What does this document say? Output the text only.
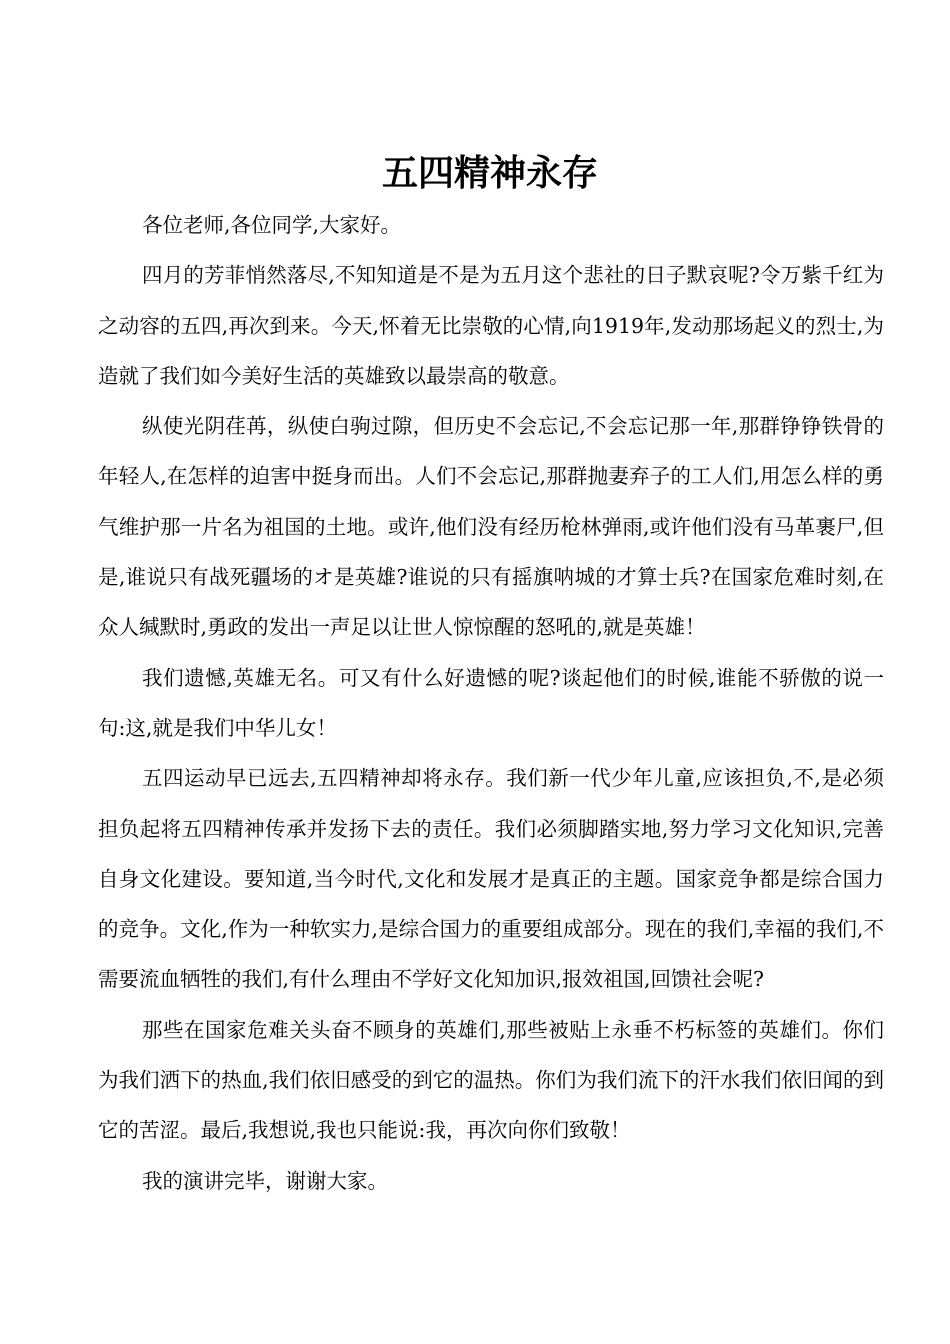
五四精神永存

各位老师,各位同学,大家好。

四月的芳菲悄然落尽,不知知道是不是为五月这个悲社的日子默哀呢?令万紫千红为之动容的五四,再次到来。今天,怀着无比崇敬的心情,向1919年,发动那场起义的烈士,为造就了我们如今美好生活的英雄致以最崇高的敬意。

纵使光阴荏苒，纵使白驹过隙，但历史不会忘记,不会忘记那一年,那群铮铮铁骨的年轻人,在怎样的迫害中挺身而出。人们不会忘记,那群抛妻弃子的工人们,用怎么样的勇气维护那一片名为祖国的土地。或许,他们没有经历枪林弹雨,或许他们没有马革裹尸,但是,谁说只有战死疆场的オ是英雄?谁说的只有摇旗呐城的才算士兵?在国家危难时刻,在众人缄默时,勇政的发出一声足以让世人惊惊醒的怒吼的,就是英雄！

我们遗憾,英雄无名。可又有什么好遗憾的呢?谈起他们的时候,谁能不骄傲的说一句:这,就是我们中华儿女！

五四运动早已远去,五四精神却将永存。我们新一代少年儿童,应该担负,不,是必须担负起将五四精神传承并发扬下去的责任。我们必须脚踏实地,努力学习文化知识,完善自身文化建设。要知道,当今时代,文化和发展才是真正的主题。国家竞争都是综合国力的竞争。文化,作为一种软实力,是综合国力的重要组成部分。现在的我们,幸福的我们,不需要流血牺牲的我们,有什么理由不学好文化知加识,报效祖国,回馈社会呢?

那些在国家危难关头奋不顾身的英雄们,那些被贴上永垂不朽标签的英雄们。你们为我们洒下的热血,我们依旧感受的到它的温热。你们为我们流下的汗水我们依旧闻的到它的苦涩。最后,我想说,我也只能说:我，再次向你们致敬！

我的演讲完毕，谢谢大家。
